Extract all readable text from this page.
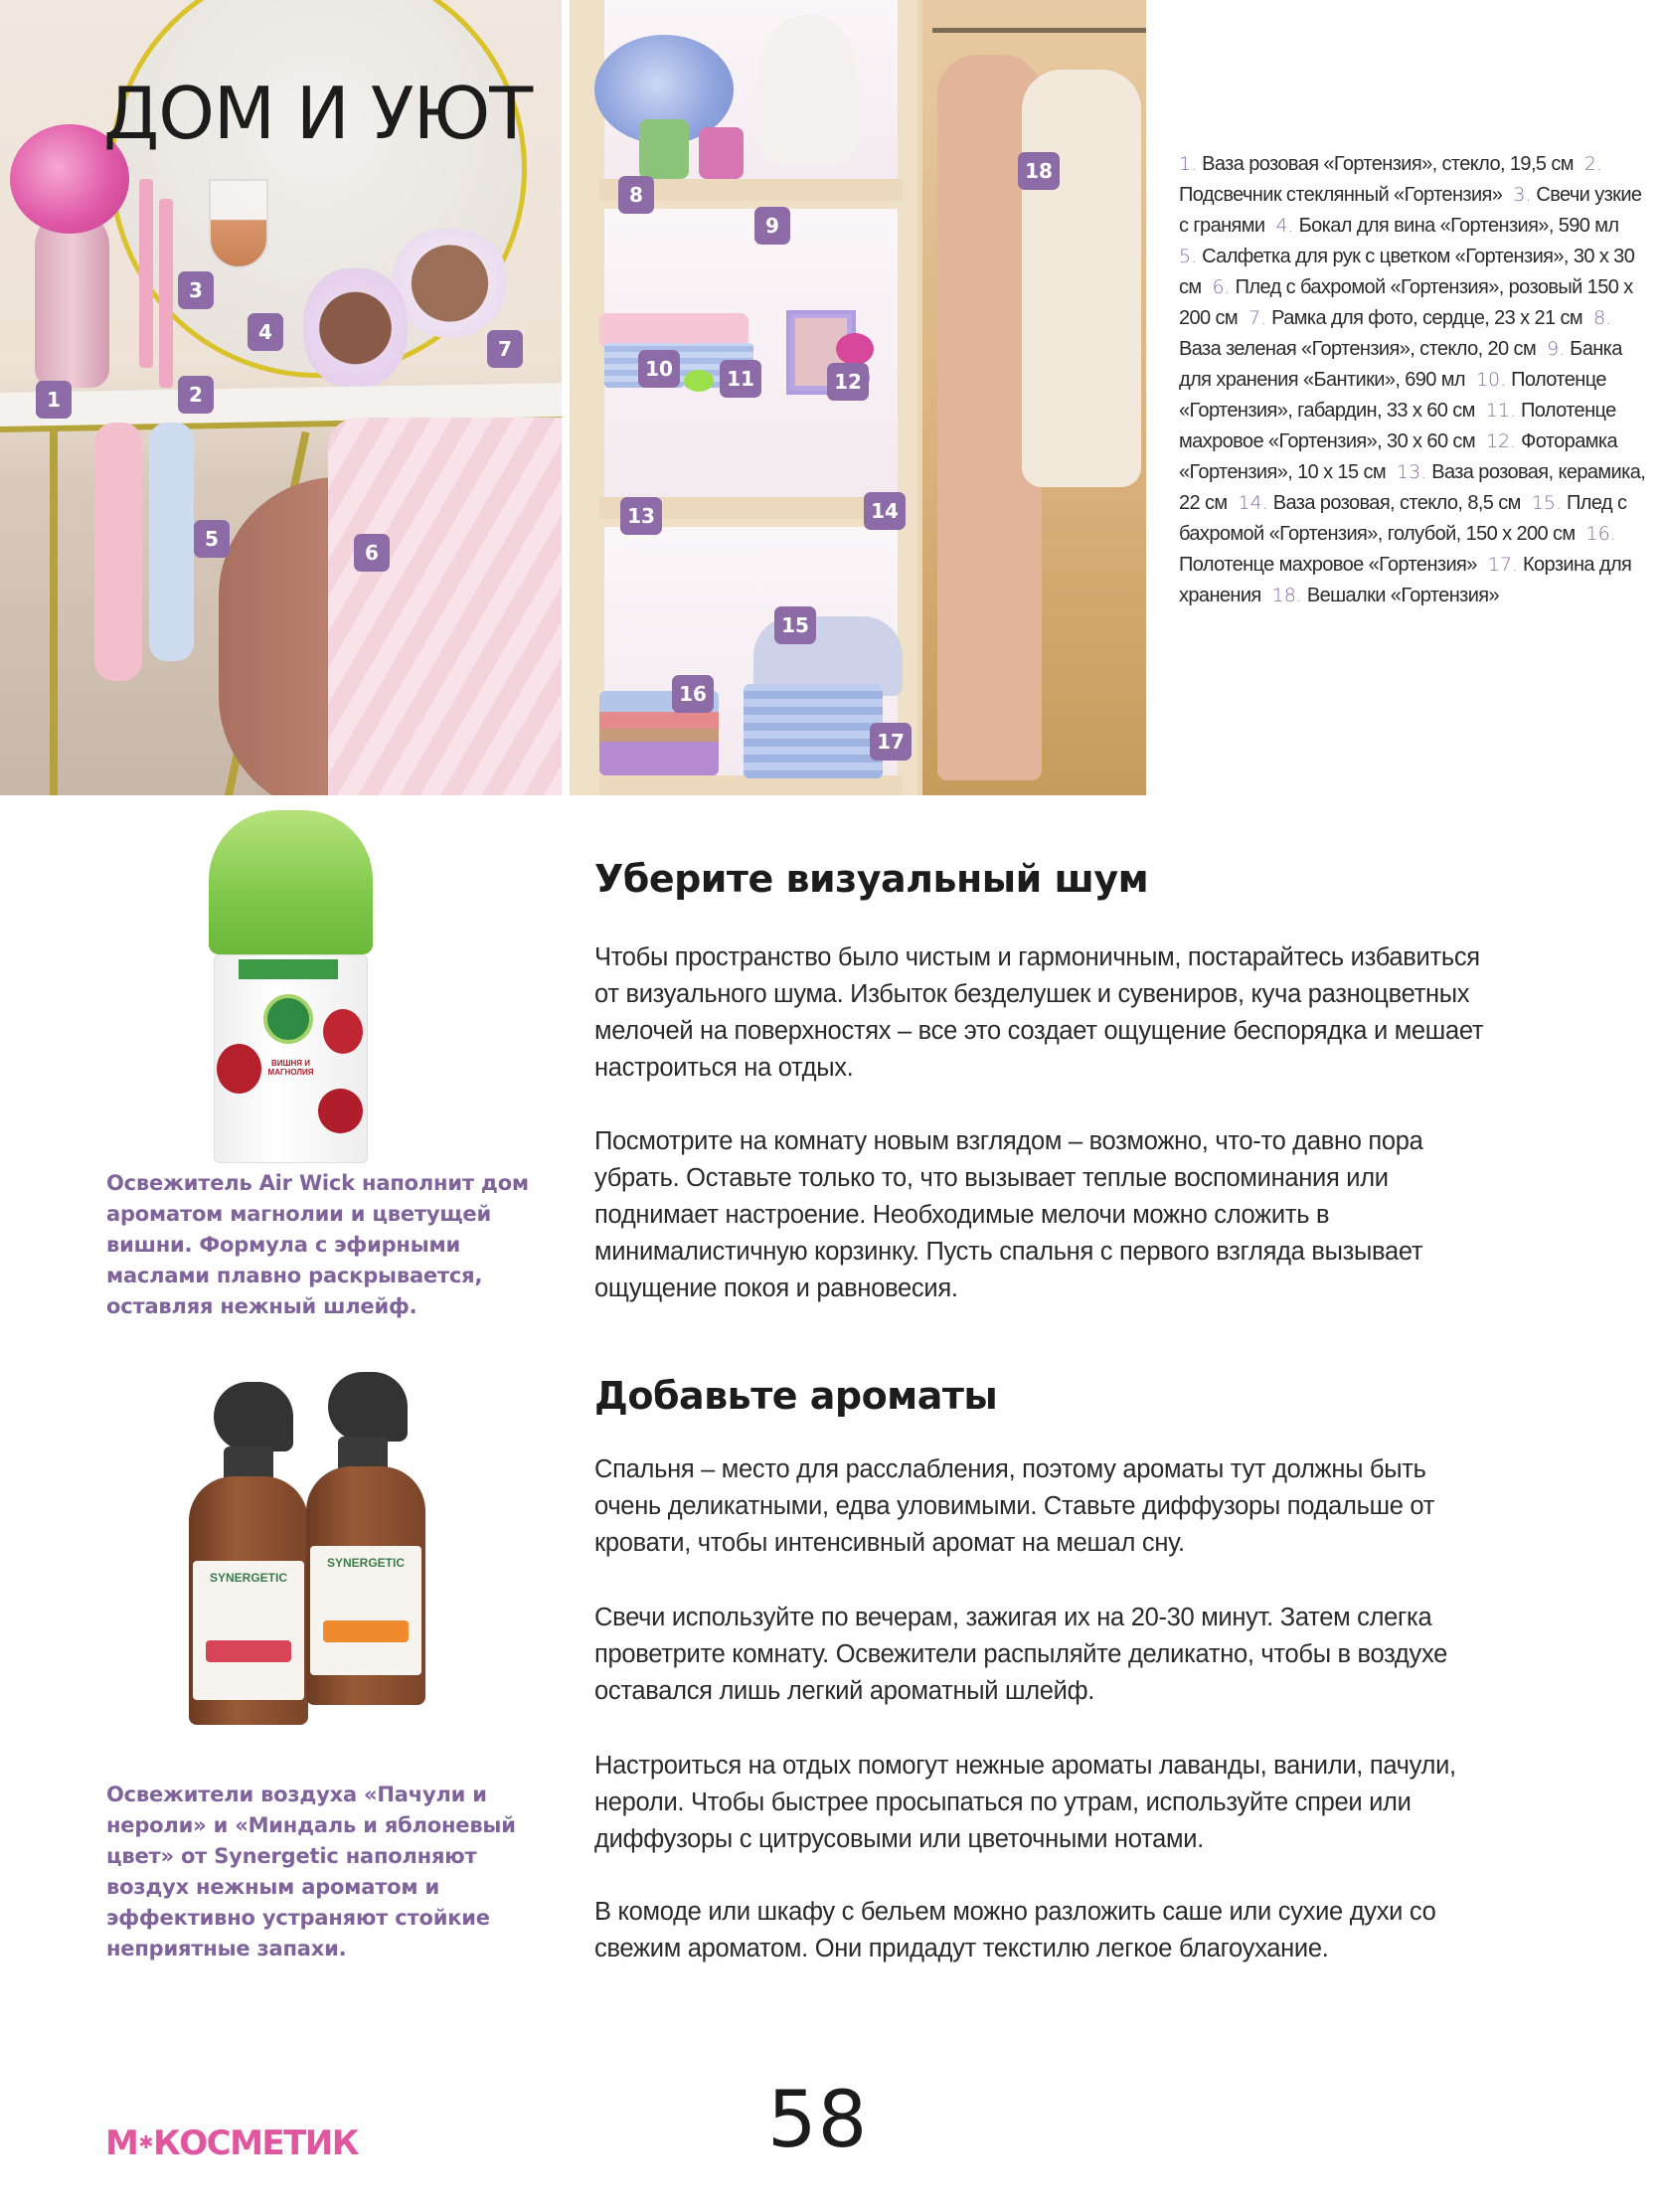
1	2
3
4
5
6
7
8
9
10	11	12
13	14
15
16
17
18
ДОМ И УЮТ
1. Ваза розовая «Гортензия», стекло, 19,5 см 2. Подсвечник стеклянный «Гортензия» 3. Свечи узкие с гранями 4. Бокал для вина «Гортензия», 590 мл 5. Салфетка для рук с цветком «Гортензия», 30 x 30 см 6. Плед с бахромой «Гортензия», розовый 150 x 200 см 7. Рамка для фото, сердце, 23 x 21 см 8. Ваза зеленая «Гортензия», стекло, 20 см 9. Банка для хранения «Бантики», 690 мл 10. Полотенце «Гортензия», габардин, 33 x 60 см 11. Полотенце махровое «Гортензия», 30 x 60 см 12. Фоторамка «Гортензия», 10 x 15 см 13. Ваза розовая, керамика, 22 см 14. Ваза розовая, стекло, 8,5 см 15. Плед с бахромой «Гортензия», голубой, 150 x 200 см 16. Полотенце махровое «Гортензия» 17. Корзина для хранения 18. Вешалки «Гортензия»
ВИШНЯ И МАГНОЛИЯ

Освежитель Air Wick наполнит дом ароматом магнолии и цветущей вишни. Формула с эфирными маслами плавно раскрывается, оставляя нежный шлейф.

SYNERGETIC
SYNERGETIC

Освежители воздуха «Пачули и нероли» и «Миндаль и яблоневый цвет» от Synergetic наполняют воздух нежным ароматом и эффективно устраняют стойкие неприятные запахи.

Уберите визуальный шум

Чтобы пространство было чистым и гармоничным, постарайтесь избавиться от визуального шума. Избыток безделушек и сувениров, куча разноцветных мелочей на поверхностях – все это создает ощущение беспорядка и мешает настроиться на отдых.

Посмотрите на комнату новым взглядом – возможно, что-то давно пора убрать. Оставьте только то, что вызывает теплые воспоминания или поднимает настроение. Необходимые мелочи можно сложить в минималистичную корзинку. Пусть спальня с первого взгляда вызывает ощущение покоя и равновесия.

Добавьте ароматы

Спальня – место для расслабления, поэтому ароматы тут должны быть очень деликатными, едва уловимыми. Ставьте диффузоры подальше от кровати, чтобы интенсивный аромат на мешал сну.

Свечи используйте по вечерам, зажигая их на 20-30 минут. Затем слегка проветрите комнату. Освежители распыляйте деликатно, чтобы в воздухе оставался лишь легкий ароматный шлейф.

Настроиться на отдых помогут нежные ароматы лаванды, ванили, пачули, нероли. Чтобы быстрее просыпаться по утрам, используйте спреи или диффузоры с цитрусовыми или цветочными нотами.

В комоде или шкафу с бельем можно разложить саше или сухие духи со свежим ароматом. Они придадут текстилю легкое благоухание.

М✱КОСМЕТИК	58
